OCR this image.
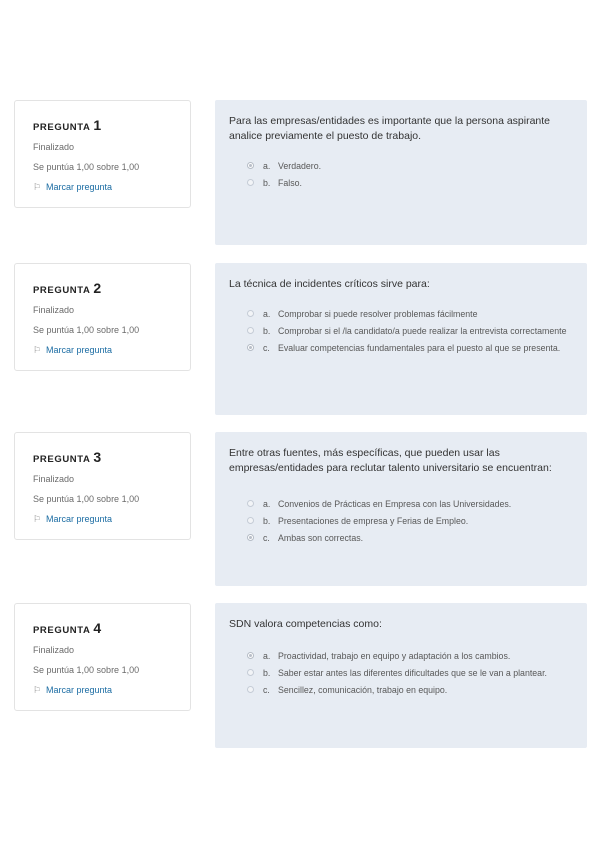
PREGUNTA 1
Finalizado
Se puntúa 1,00 sobre 1,00
⚐ Marcar pregunta
Para las empresas/entidades es importante que la persona aspirante analice previamente el puesto de trabajo.
a. Verdadero.
b. Falso.
PREGUNTA 2
Finalizado
Se puntúa 1,00 sobre 1,00
⚐ Marcar pregunta
La técnica de incidentes críticos sirve para:
a. Comprobar si puede resolver problemas fácilmente
b. Comprobar si el /la candidato/a puede realizar la entrevista correctamente
c. Evaluar competencias fundamentales para el puesto al que se presenta.
PREGUNTA 3
Finalizado
Se puntúa 1,00 sobre 1,00
⚐ Marcar pregunta
Entre otras fuentes, más específicas, que pueden usar las empresas/entidades para reclutar talento universitario se encuentran:
a. Convenios de Prácticas en Empresa con las Universidades.
b. Presentaciones de empresa y Ferias de Empleo.
c. Ambas son correctas.
PREGUNTA 4
Finalizado
Se puntúa 1,00 sobre 1,00
⚐ Marcar pregunta
SDN valora competencias como:
a. Proactividad, trabajo en equipo y adaptación a los cambios.
b. Saber estar antes las diferentes dificultades que se le van a plantear.
c. Sencillez, comunicación, trabajo en equipo.
